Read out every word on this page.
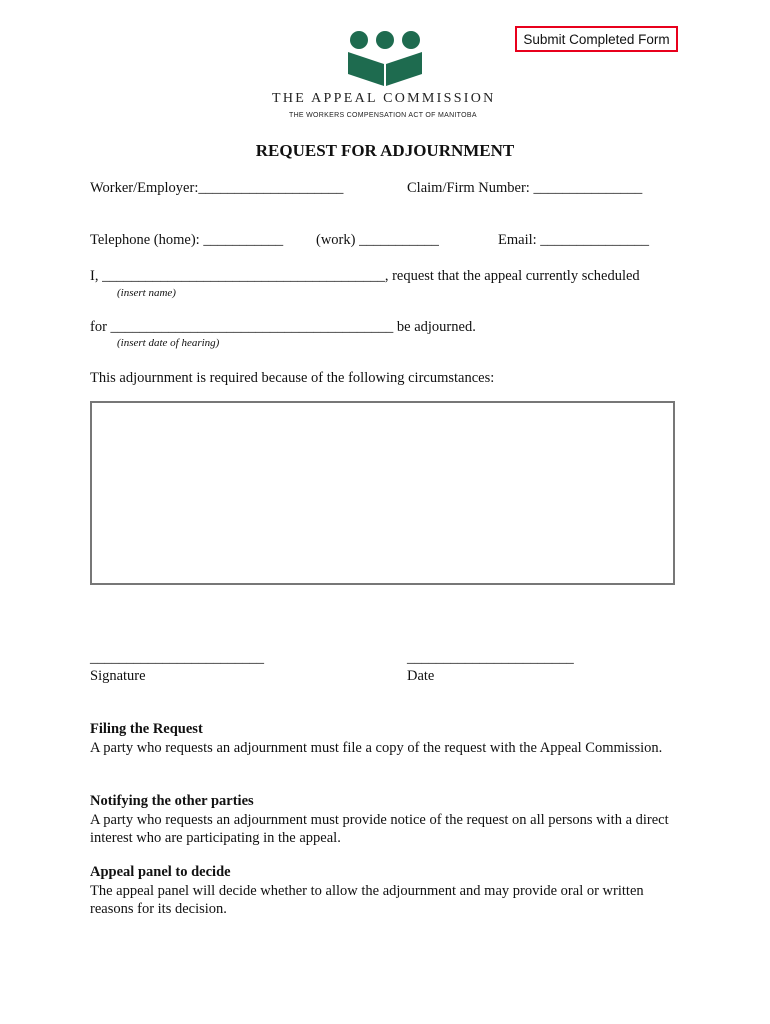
Submit Completed Form
THE APPEAL COMMISSION
THE WORKERS COMPENSATION ACT OF MANITOBA
REQUEST FOR ADJOURNMENT
Worker/Employer:____________________	Claim/Firm Number: _______________
Telephone (home): ___________ (work) ___________	Email: _______________
I, _______________________________________, request that the appeal currently scheduled
(insert name)
for _______________________________________ be adjourned.
(insert date of hearing)
This adjournment is required because of the following circumstances:
________________________
Signature
_______________________
Date
Filing the Request
A party who requests an adjournment must file a copy of the request with the Appeal Commission.
Notifying the other parties
A party who requests an adjournment must provide notice of the request on all persons with a direct interest who are participating in the appeal.
Appeal panel to decide
The appeal panel will decide whether to allow the adjournment and may provide oral or written reasons for its decision.
